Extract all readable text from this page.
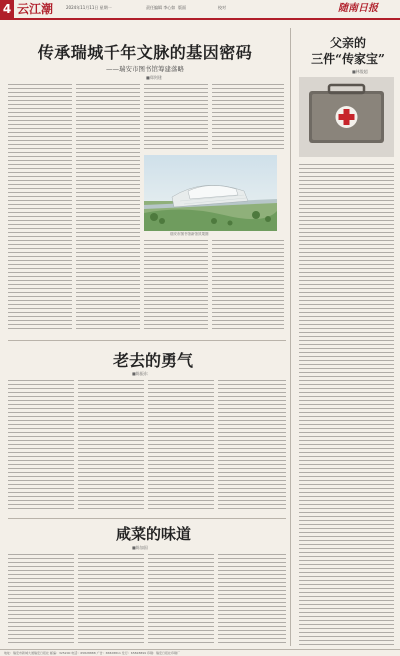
4 云江潮	2024年11月11日 星期一	责任编辑 李心如 版面	校对	随南日报
传承瑞城千年文脉的基因密码
——瑞安市图书馆筹建落略
■郑剑建
瑞安市图书馆新馆效果图
老去的勇气
■陈振东
咸菜的味道
■陈加国
父亲的
三件“传家宝”
■林俊超
地址：瑞安市新城大道瑞安日报社 邮编：325200 电话：65828888 广告：65828811 发行：65828899 印刷：瑞安日报社印刷厂
